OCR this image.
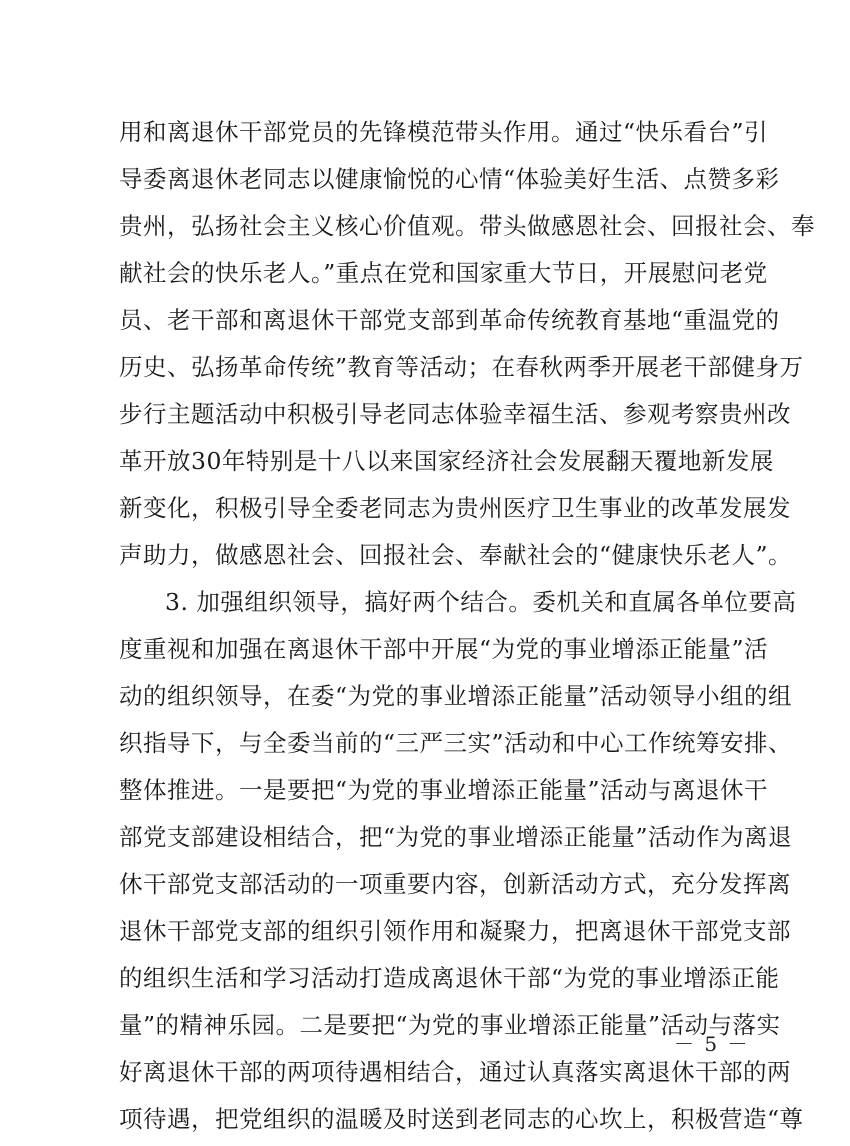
用和离退休干部党员的先锋模范带头作用。通过“快乐看台”引
导委离退休老同志以健康愉悦的心情“体验美好生活、点赞多彩
贵州，弘扬社会主义核心价值观。带头做感恩社会、回报社会、奉
献社会的快乐老人。”重点在党和国家重大节日，开展慰问老党
员、老干部和离退休干部党支部到革命传统教育基地“重温党的
历史、弘扬革命传统”教育等活动；在春秋两季开展老干部健身万
步行主题活动中积极引导老同志体验幸福生活、参观考察贵州改
革开放30年特别是十八以来国家经济社会发展翻天覆地新发展
新变化，积极引导全委老同志为贵州医疗卫生事业的改革发展发
声助力，做感恩社会、回报社会、奉献社会的“健康快乐老人”。
3. 加强组织领导，搞好两个结合。委机关和直属各单位要高
度重视和加强在离退休干部中开展“为党的事业增添正能量”活
动的组织领导，在委“为党的事业增添正能量”活动领导小组的组
织指导下，与全委当前的“三严三实”活动和中心工作统筹安排、
整体推进。一是要把“为党的事业增添正能量”活动与离退休干
部党支部建设相结合，把“为党的事业增添正能量”活动作为离退
休干部党支部活动的一项重要内容，创新活动方式，充分发挥离
退休干部党支部的组织引领作用和凝聚力，把离退休干部党支部
的组织生活和学习活动打造成离退休干部“为党的事业增添正能
量”的精神乐园。二是要把“为党的事业增添正能量”活动与落实
好离退休干部的两项待遇相结合，通过认真落实离退休干部的两
项待遇，把党组织的温暖及时送到老同志的心坎上，积极营造“尊
－ 5 －
